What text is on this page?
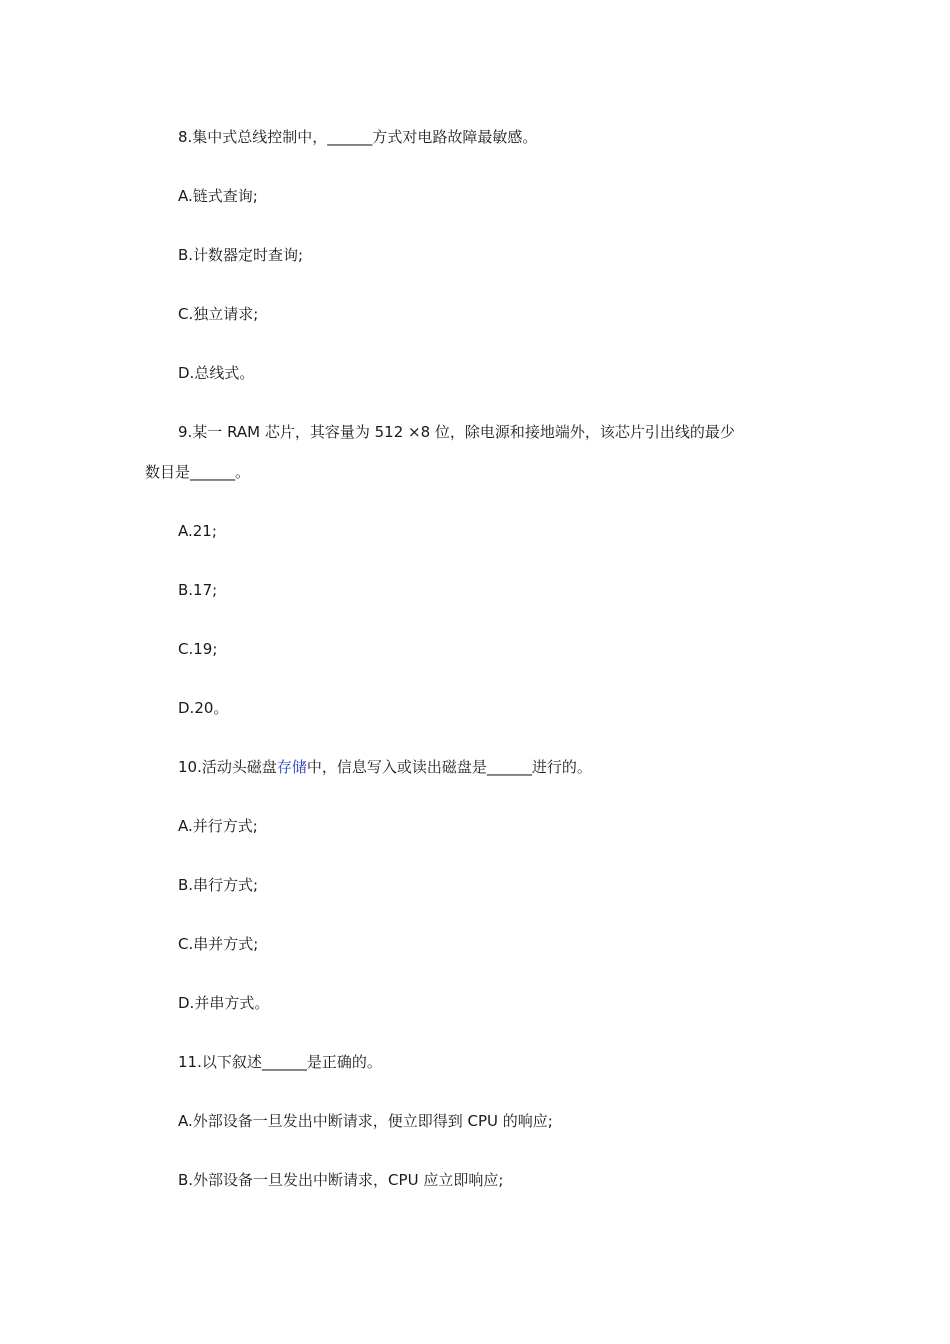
8.集中式总线控制中，______方式对电路故障最敏感。
A.链式查询;
B.计数器定时查询;
C.独立请求;
D.总线式。
9.某一 RAM 芯片，其容量为 512 ×8 位，除电源和接地端外，该芯片引出线的最少
数目是______。
A.21;
B.17;
C.19;
D.20。
10.活动头磁盘存储中，信息写入或读出磁盘是______进行的。
A.并行方式;
B.串行方式;
C.串并方式;
D.并串方式。
11.以下叙述______是正确的。
A.外部设备一旦发出中断请求，便立即得到 CPU 的响应;
B.外部设备一旦发出中断请求，CPU 应立即响应;
